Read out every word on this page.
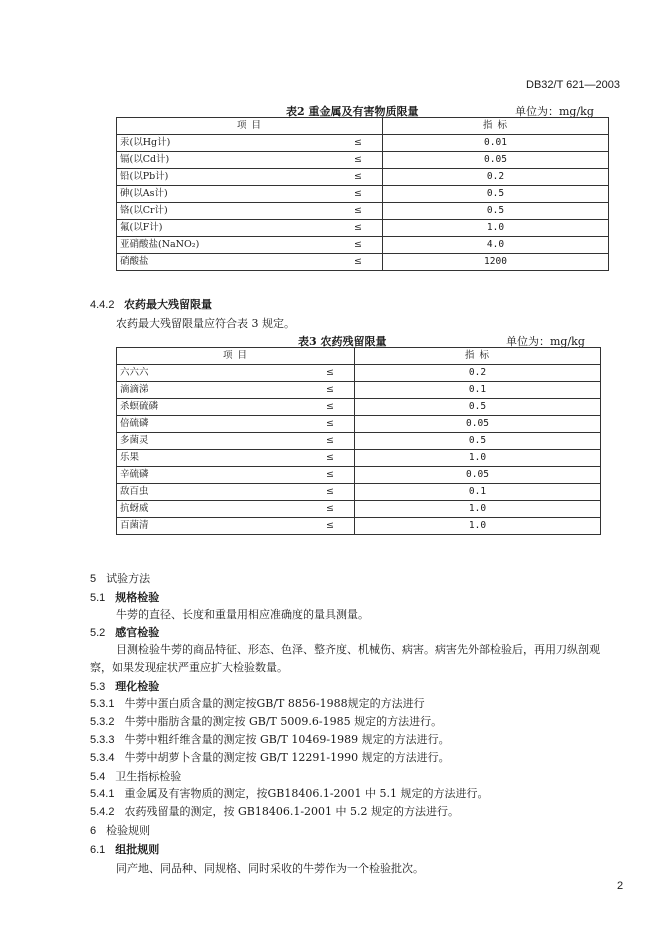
DB32/T 621—2003
表2 重金属及有害物质限量	单位为：mg/kg
项 目	指 标

汞(以Hg计) ≤	0.01

镉(以Cd计) ≤	0.05

铅(以Pb计) ≤	0.2

砷(以As计) ≤	0.5

铬(以Cr计) ≤	0.5

氟(以F计) ≤	1.0

亚硝酸盐(NaNO₂) ≤	4.0

硝酸盐 ≤	1200
4.4.2 农药最大残留限量
农药最大残留限量应符合表 3 规定。
表3 农药残留限量	单位为：mg/kg
项 目	指 标

六六六 ≤	0.2

滴滴涕 ≤	0.1

杀螟硫磷 ≤	0.5

倍硫磷 ≤	0.05

多菌灵 ≤	0.5

乐果 ≤	1.0

辛硫磷 ≤	0.05

敌百虫 ≤	0.1

抗蚜威 ≤	1.0

百菌清 ≤	1.0
5 试验方法
5.1 规格检验
牛蒡的直径、长度和重量用相应准确度的量具测量。
5.2 感官检验
目测检验牛蒡的商品特征、形态、色泽、整齐度、机械伤、病害。病害先外部检验后，再用刀纵剖观
察，如果发现症状严重应扩大检验数量。
5.3 理化检验
5.3.1 牛蒡中蛋白质含量的测定按GB/T 8856-1988规定的方法进行
5.3.2 牛蒡中脂肪含量的测定按 GB/T 5009.6-1985 规定的方法进行。
5.3.3 牛蒡中粗纤维含量的测定按 GB/T 10469-1989 规定的方法进行。
5.3.4 牛蒡中胡萝卜含量的测定按 GB/T 12291-1990 规定的方法进行。
5.4 卫生指标检验
5.4.1 重金属及有害物质的测定，按GB18406.1-2001 中 5.1 规定的方法进行。
5.4.2 农药残留量的测定，按 GB18406.1-2001 中 5.2 规定的方法进行。
6 检验规则
6.1 组批规则
同产地、同品种、同规格、同时采收的牛蒡作为一个检验批次。
2
